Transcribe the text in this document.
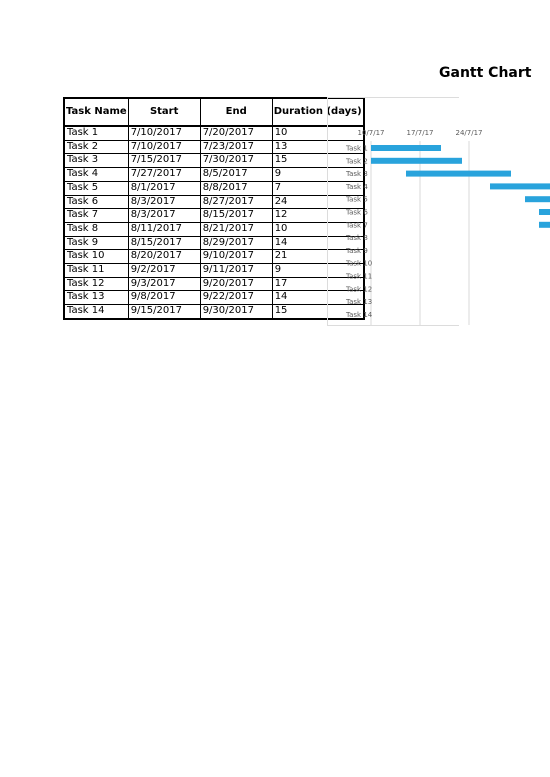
Gantt Chart
Task Name	Start	End	Duration (days)
Task 1	7/10/2017	7/20/2017	10
Task 2	7/10/2017	7/23/2017	13
Task 3	7/15/2017	7/30/2017	15
Task 4	7/27/2017	8/5/2017	9
Task 5	8/1/2017	8/8/2017	7
Task 6	8/3/2017	8/27/2017	24
Task 7	8/3/2017	8/15/2017	12
Task 8	8/11/2017	8/21/2017	10
Task 9	8/15/2017	8/29/2017	14
Task 10	8/20/2017	9/10/2017	21
Task 11	9/2/2017	9/11/2017	9
Task 12	9/3/2017	9/20/2017	17
Task 13	9/8/2017	9/22/2017	14
Task 14	9/15/2017	9/30/2017	15
10/7/17	17/7/17	24/7/17
Task 1
Task 2
Task 3
Task 4
Task 5
Task 6
Task 7
Task 8
Task 9
Task 10
Task 11
Task 12
Task 13
Task 14
